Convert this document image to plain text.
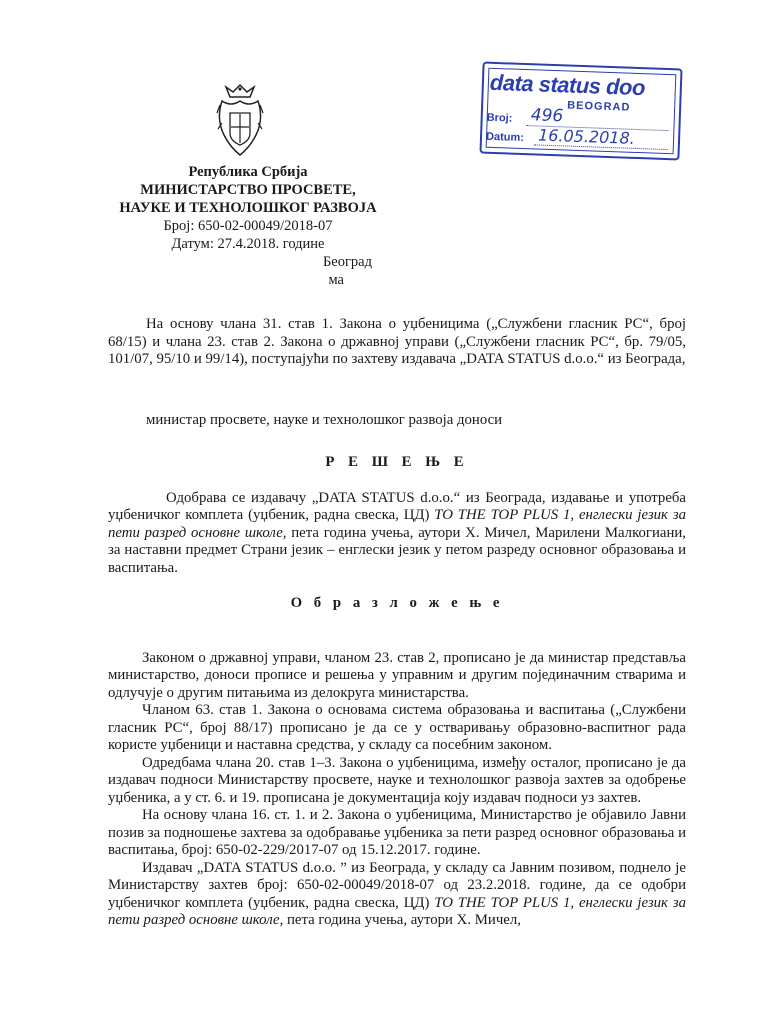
Република Србија
МИНИСТАРСТВО ПРОСВЕТЕ,
НАУКЕ И ТЕХНОЛОШКОГ РАЗВОЈА
Број: 650-02-00049/2018-07
Датум: 27.4.2018. године
Београд
ма
data status doo
BEOGRAD
Broj: 496
Datum: 16.05.2018.

На основу члана 31. став 1. Закона о уџбеницима („Службени гласник РС“, број 68/15) и члана 23. став 2. Закона о државној управи („Службени гласник РС“, бр. 79/05, 101/07, 95/10 и 99/14), поступајући по захтеву издавача „DATA STATUS d.o.o.“ из Београда,

министар просвете, науке и технолошког развоја доноси

Р Е Ш Е Њ Е

Одобрава се издавачу „DATA STATUS d.o.o.“ из Београда, издавање и употреба уџбеничког комплета (уџбеник, радна свеска, ЦД) TO THE TOP PLUS 1, енглески језик за пети разред основне школе, пета година учења, аутори Х. Мичел, Марилени Малкогиани, за наставни предмет Страни језик – енглески језик у петом разреду основног образовања и васпитања.

О б р а з л о ж е њ е

Законом о државној управи, чланом 23. став 2, прописано је да министар представља министарство, доноси прописе и решења у управним и другим појединачним стварима и одлучује о другим питањима из делокруга министарства.

Чланом 63. став 1. Закона о основама система образовања и васпитања („Службени гласник РС“, број 88/17) прописано је да се у остваривању образовно-васпитног рада користе уџбеници и наставна средства, у складу са посебним законом.

Одредбама члана 20. став 1–3. Закона о уџбеницима, између осталог, прописано је да издавач подноси Министарству просвете, науке и технолошког развоја захтев за одобрење уџбеника, а у ст. 6. и 19. прописана је документација коју издавач подноси уз захтев.

На основу члана 16. ст. 1. и 2. Закона о уџбеницима, Министарство је објавило Јавни позив за подношење захтева за одобравање уџбеника за пети разред основног образовања и васпитања, број: 650-02-229/2017-07 од 15.12.2017. године.

Издавач „DATA STATUS d.o.o. ” из Београда, у складу са Јавним позивом, поднело је Министарству захтев број: 650-02-00049/2018-07 од 23.2.2018. године, да се одобри уџбеничког комплета (уџбеник, радна свеска, ЦД) TO THE TOP PLUS 1, енглески језик за пети разред основне школе, пета година учења, аутори Х. Мичел,
